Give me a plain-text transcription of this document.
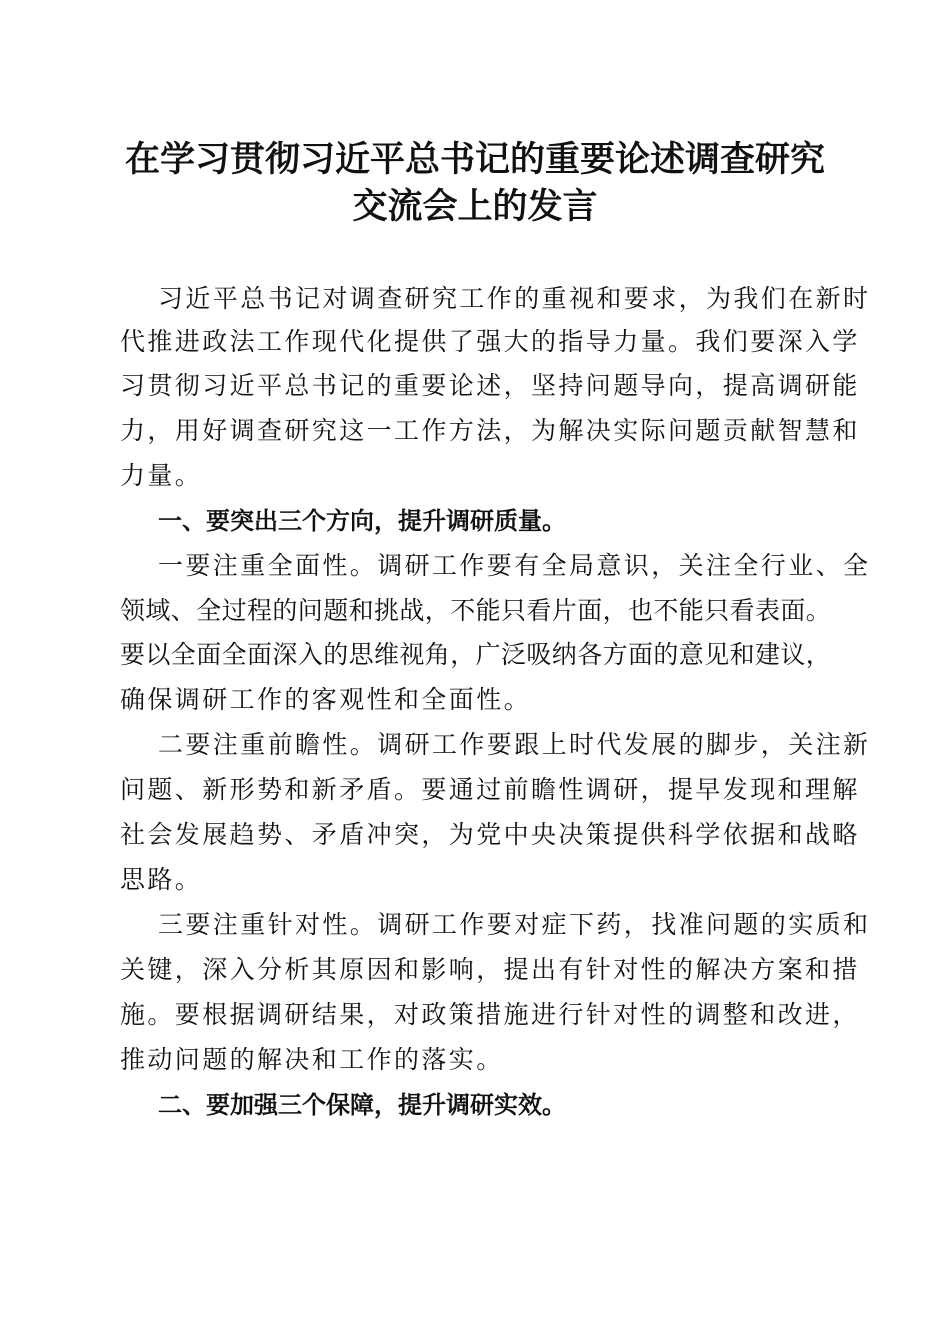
在学习贯彻习近平总书记的重要论述调查研究
交流会上的发言

习近平总书记对调查研究工作的重视和要求，为我们在新时

代推进政法工作现代化提供了强大的指导力量。我们要深入学

习贯彻习近平总书记的重要论述，坚持问题导向，提高调研能

力，用好调查研究这一工作方法，为解决实际问题贡献智慧和

力量。

一、要突出三个方向，提升调研质量。

一要注重全面性。调研工作要有全局意识，关注全行业、全

领域、全过程的问题和挑战，不能只看片面，也不能只看表面。

要以全面全面深入的思维视角，广泛吸纳各方面的意见和建议，

确保调研工作的客观性和全面性。

二要注重前瞻性。调研工作要跟上时代发展的脚步，关注新

问题、新形势和新矛盾。要通过前瞻性调研，提早发现和理解

社会发展趋势、矛盾冲突，为党中央决策提供科学依据和战略

思路。

三要注重针对性。调研工作要对症下药，找准问题的实质和

关键，深入分析其原因和影响，提出有针对性的解决方案和措

施。要根据调研结果，对政策措施进行针对性的调整和改进，

推动问题的解决和工作的落实。

二、要加强三个保障，提升调研实效。
